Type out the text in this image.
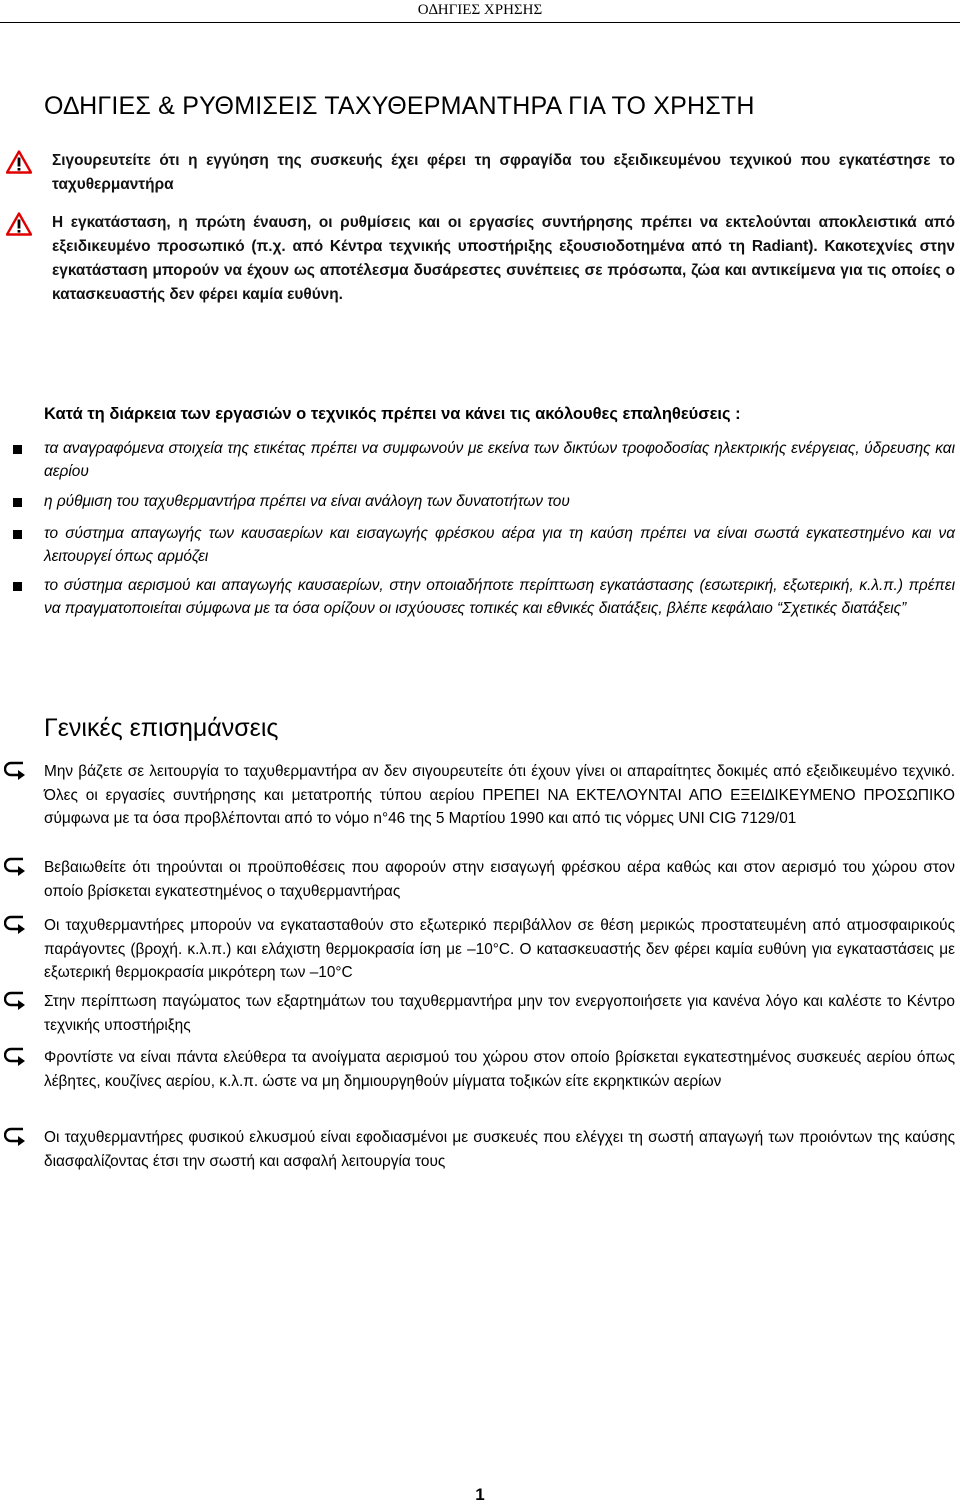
Ο∆ΗΓΙΕΣ ΧΡΗΣΗΣ
Ο∆ΗΓΙΕΣ & ΡΥΘΜΙΣΕΙΣ ΤΑΧΥΘΕΡΜΑΝΤΗΡΑ ΓΙΑ ΤΟ ΧΡΗΣΤΗ

Σιγουρευτείτε ότι η εγγύηση της συσκευής έχει φέρει τη σφραγίδα του εξειδικευμένου τεχνικού που εγκατέστησε το ταχυθερμαντήρα

Η εγκατάσταση, η πρώτη έναυση, οι ρυθμίσεις και οι εργασίες συντήρησης πρέπει να εκτελούνται αποκλειστικά από εξειδικευμένο προσωπικό (π.χ. από Κέντρα τεχνικής υποστήριξης εξουσιοδοτημένα από τη Radiant). Κακοτεχνίες στην εγκατάσταση μπορούν να έχουν ως αποτέλεσμα δυσάρεστες συνέπειες σε πρόσωπα, ζώα και αντικείμενα για τις οποίες ο κατασκευαστής δεν φέρει καμία ευθύνη.

Κατά τη διάρκεια των εργασιών ο τεχνικός πρέπει να κάνει τις ακόλουθες επαληθεύσεις :

τα αναγραφόμενα στοιχεία της ετικέτας πρέπει να συμφωνούν με εκείνα των δικτύων τροφοδοσίας ηλεκτρικής ενέργειας, ύδρευσης και αερίου

η ρύθμιση του ταχυθερμαντήρα πρέπει να είναι ανάλογη των δυνατοτήτων του

το σύστημα απαγωγής των καυσαερίων και εισαγωγής φρέσκου αέρα για τη καύση πρέπει να είναι σωστά εγκατεστημένο και να λειτουργεί όπως αρμόζει

το σύστημα αερισμού και απαγωγής καυσαερίων, στην οποιαδήποτε περίπτωση εγκατάστασης (εσωτερική, εξωτερική, κ.λ.π.) πρέπει να πραγματοποιείται σύμφωνα με τα όσα ορίζουν οι ισχύουσες τοπικές και εθνικές διατάξεις, βλέπε κεφάλαιο “Σχετικές διατάξεις”

Γενικές επισημάνσεις

Μην βάζετε σε λειτουργία το ταχυθερμαντήρα αν δεν σιγουρευτείτε ότι έχουν γίνει οι απαραίτητες δοκιμές από εξειδικευμένο τεχνικό. Όλες οι εργασίες συντήρησης και μετατροπής τύπου αερίου ΠΡΕΠΕΙ ΝΑ ΕΚΤΕΛΟΥΝΤΑΙ ΑΠΟ ΕΞΕΙ∆ΙΚΕΥΜΕΝΟ ΠΡΟΣΩΠΙΚΟ σύμφωνα με τα όσα προβλέπονται από το νόμο n°46 της 5 Μαρτίου 1990 και από τις νόρμες UNI CIG 7129/01

Βεβαιωθείτε ότι τηρούνται οι προϋποθέσεις που αφορούν στην εισαγωγή φρέσκου αέρα καθώς και στον αερισμό του χώρου στον οποίο βρίσκεται εγκατεστημένος ο ταχυθερμαντήρας

Οι ταχυθερμαντήρες μπορούν να εγκατασταθούν στο εξωτερικό περιβάλλον σε θέση μερικώς προστατευμένη από ατμοσφαιρικούς παράγοντες (βροχή. κ.λ.π.) και ελάχιστη θερμοκρασία ίση με –10°C. Ο κατασκευαστής δεν φέρει καμία ευθύνη για εγκαταστάσεις με εξωτερική θερμοκρασία μικρότερη των –10°C

Στην περίπτωση παγώματος των εξαρτημάτων του ταχυθερμαντήρα μην τον ενεργοποιήσετε για κανένα λόγο και καλέστε το Κέντρο τεχνικής υποστήριξης

Φροντίστε να είναι πάντα ελεύθερα τα ανοίγματα αερισμού του χώρου στον οποίο βρίσκεται εγκατεστημένος συσκευές αερίου όπως λέβητες, κουζίνες αερίου, κ.λ.π. ώστε να μη δημιουργηθούν μίγματα τοξικών είτε εκρηκτικών αερίων

Οι ταχυθερμαντήρες φυσικού ελκυσμού είναι εφοδιασμένοι με συσκευές που ελέγχει τη σωστή απαγωγή των προιόντων της καύσης διασφαλίζοντας έτσι την σωστή και ασφαλή λειτουργία τους

1
